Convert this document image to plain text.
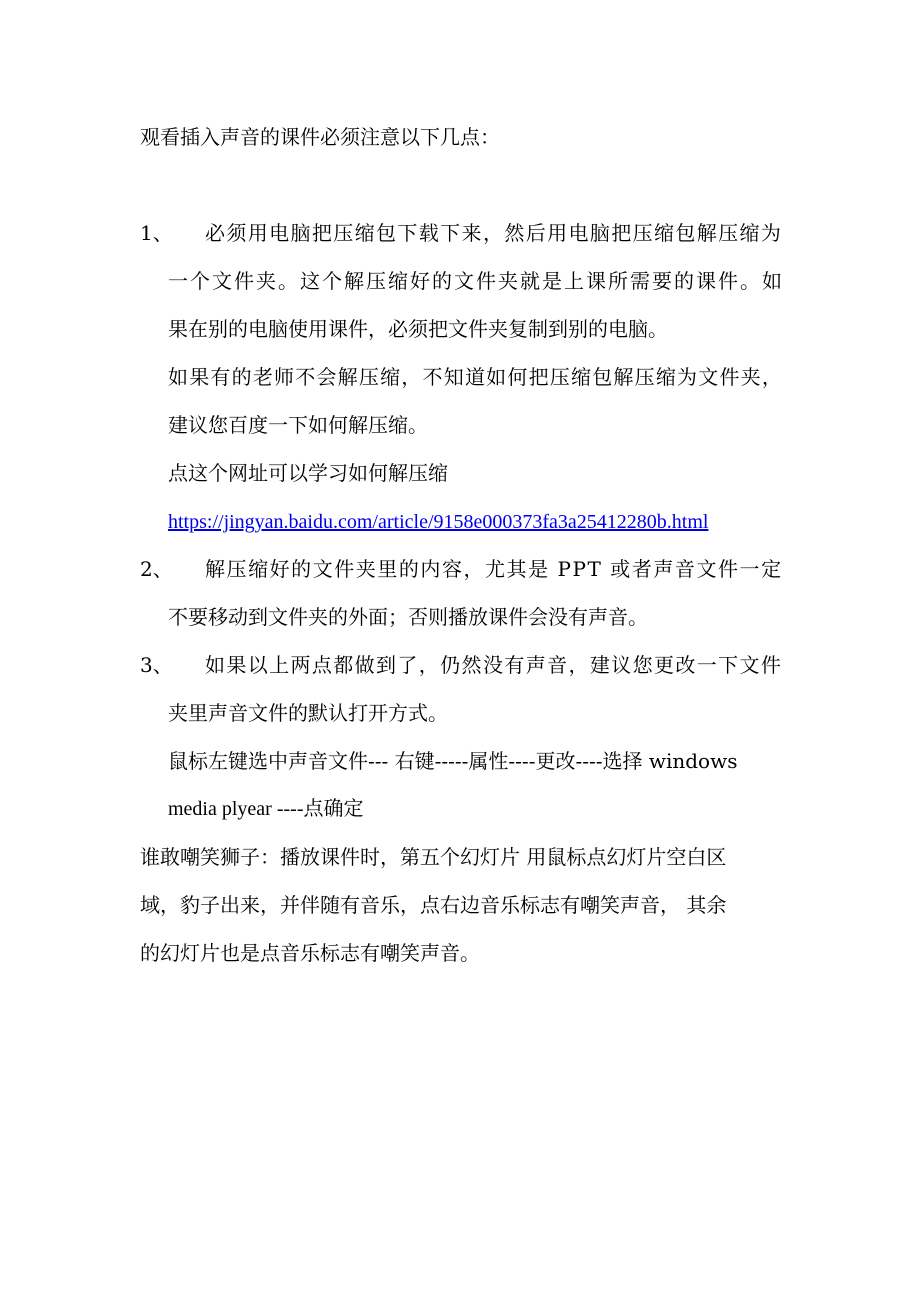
观看插入声音的课件必须注意以下几点：
1、 必须用电脑把压缩包下载下来，然后用电脑把压缩包解压缩为
一个文件夹。这个解压缩好的文件夹就是上课所需要的课件。如
果在别的电脑使用课件，必须把文件夹复制到别的电脑。
如果有的老师不会解压缩，不知道如何把压缩包解压缩为文件夹，
建议您百度一下如何解压缩。
点这个网址可以学习如何解压缩
https://jingyan.baidu.com/article/9158e000373fa3a25412280b.html
2、 解压缩好的文件夹里的内容，尤其是 PPT 或者声音文件一定
不要移动到文件夹的外面；否则播放课件会没有声音。
3、 如果以上两点都做到了，仍然没有声音，建议您更改一下文件
夹里声音文件的默认打开方式。
鼠标左键选中声音文件--- 右键-----属性----更改----选择 windows
media plyear ----点确定
谁敢嘲笑狮子：播放课件时，第五个幻灯片 用鼠标点幻灯片空白区
域，豹子出来，并伴随有音乐，点右边音乐标志有嘲笑声音， 其余
的幻灯片也是点音乐标志有嘲笑声音。
